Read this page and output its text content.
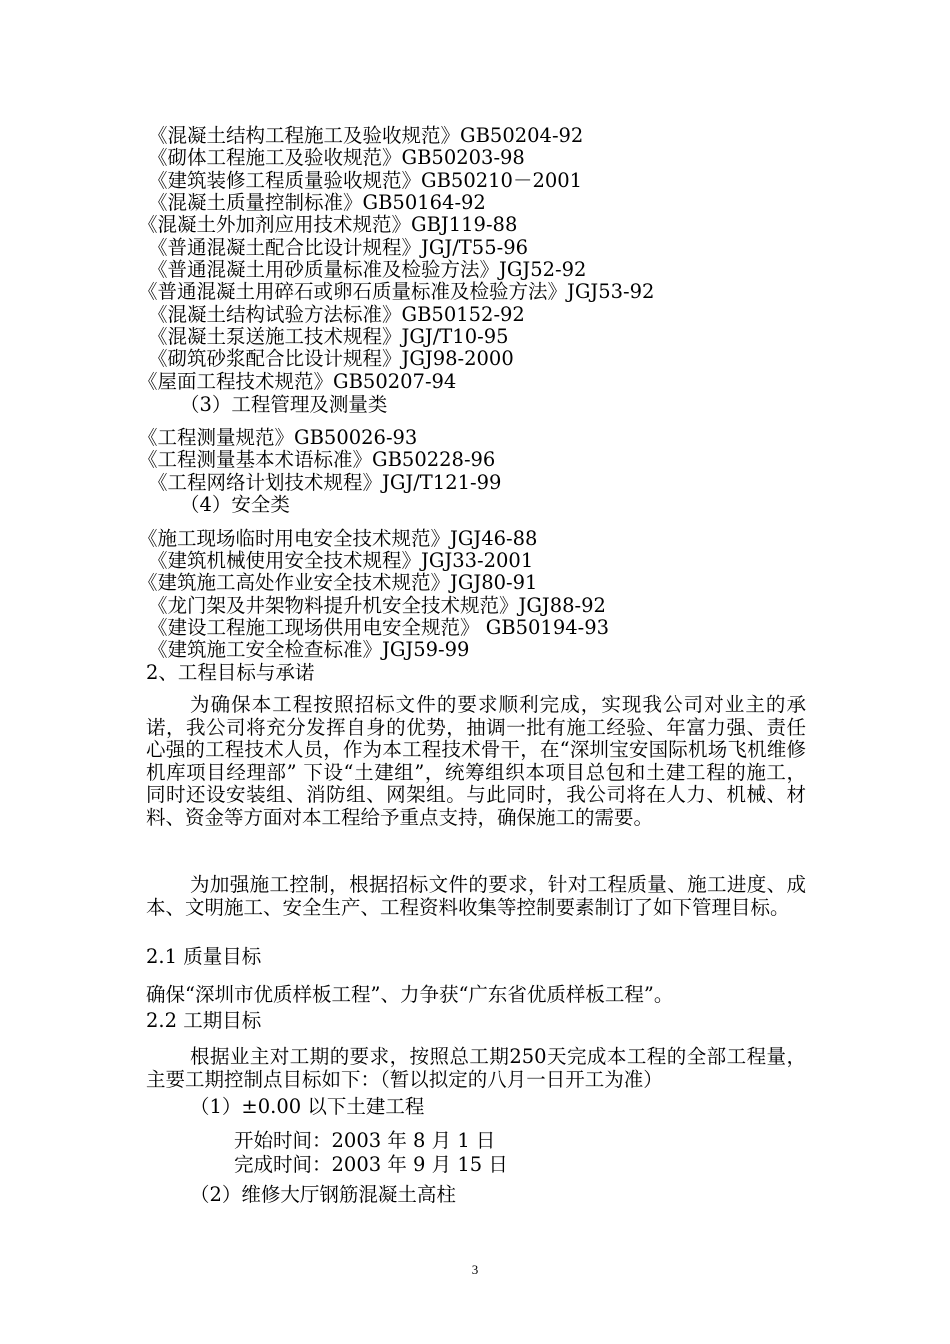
《混凝土结构工程施工及验收规范》GB50204-92
《砌体工程施工及验收规范》GB50203-98
《建筑装修工程质量验收规范》GB50210－2001
《混凝土质量控制标准》GB50164-92
《混凝土外加剂应用技术规范》GBJ119-88
《普通混凝土配合比设计规程》JGJ/T55-96
《普通混凝土用砂质量标准及检验方法》JGJ52-92
《普通混凝土用碎石或卵石质量标准及检验方法》JGJ53-92
《混凝土结构试验方法标准》GB50152-92
《混凝土泵送施工技术规程》JGJ/T10-95
《砌筑砂浆配合比设计规程》JGJ98-2000
《屋面工程技术规范》GB50207-94
（3）工程管理及测量类
《工程测量规范》GB50026-93
《工程测量基本术语标准》GB50228-96
《工程网络计划技术规程》JGJ/T121-99
（4）安全类
《施工现场临时用电安全技术规范》JGJ46-88
《建筑机械使用安全技术规程》JGJ33-2001
《建筑施工高处作业安全技术规范》JGJ80-91
《龙门架及井架物料提升机安全技术规范》JGJ88-92
《建设工程施工现场供用电安全规范》 GB50194-93
《建筑施工安全检查标准》JGJ59-99
2、工程目标与承诺
为确保本工程按照招标文件的要求顺利完成，实现我公司对业主的承诺，我公司将充分发挥自身的优势，抽调一批有施工经验、年富力强、责任心强的工程技术人员，作为本工程技术骨干，在“深圳宝安国际机场飞机维修机库项目经理部” 下设“土建组”，统筹组织本项目总包和土建工程的施工，同时还设安装组、消防组、网架组。与此同时，我公司将在人力、机械、材料、资金等方面对本工程给予重点支持，确保施工的需要。
为加强施工控制，根据招标文件的要求，针对工程质量、施工进度、成本、文明施工、安全生产、工程资料收集等控制要素制订了如下管理目标。
2.1 质量目标
确保“深圳市优质样板工程”、力争获“广东省优质样板工程”。
2.2 工期目标
根据业主对工期的要求，按照总工期250天完成本工程的全部工程量，主要工期控制点目标如下：（暂以拟定的八月一日开工为准）
（1）±0.00 以下土建工程
开始时间：2003 年 8 月 1 日
完成时间：2003 年 9 月 15 日
（2）维修大厅钢筋混凝土高柱
3
